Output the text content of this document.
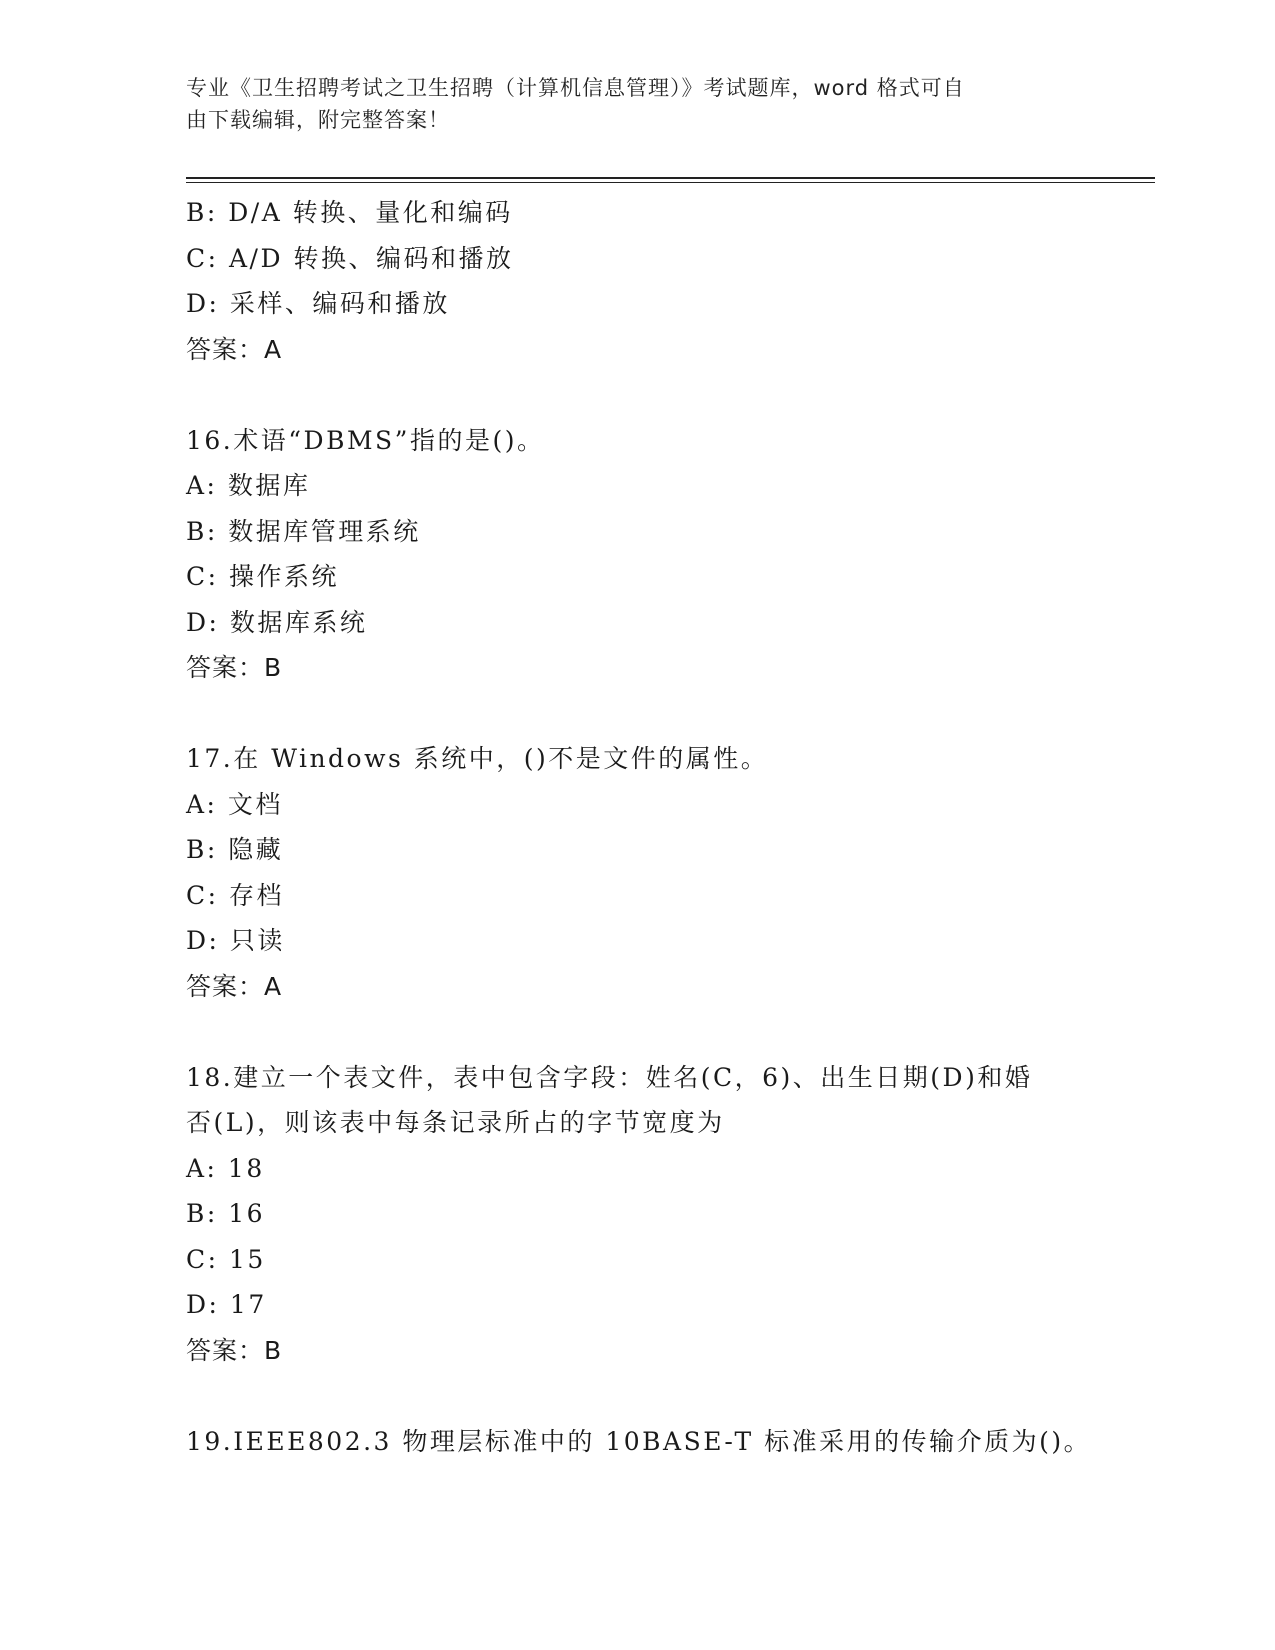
专业《卫生招聘考试之卫生招聘（计算机信息管理）》考试题库，word 格式可自
由下载编辑，附完整答案！
B: D/A 转换、量化和编码
C: A/D 转换、编码和播放
D: 采样、编码和播放
答案：A
16.术语“DBMS”指的是()。
A: 数据库
B: 数据库管理系统
C: 操作系统
D: 数据库系统
答案：B
17.在 Windows 系统中，()不是文件的属性。
A: 文档
B: 隐藏
C: 存档
D: 只读
答案：A
18.建立一个表文件，表中包含字段：姓名(C，6)、出生日期(D)和婚
否(L)，则该表中每条记录所占的字节宽度为
A: 18
B: 16
C: 15
D: 17
答案：B
19.IEEE802.3 物理层标准中的 10BASE-T 标准采用的传输介质为()。
